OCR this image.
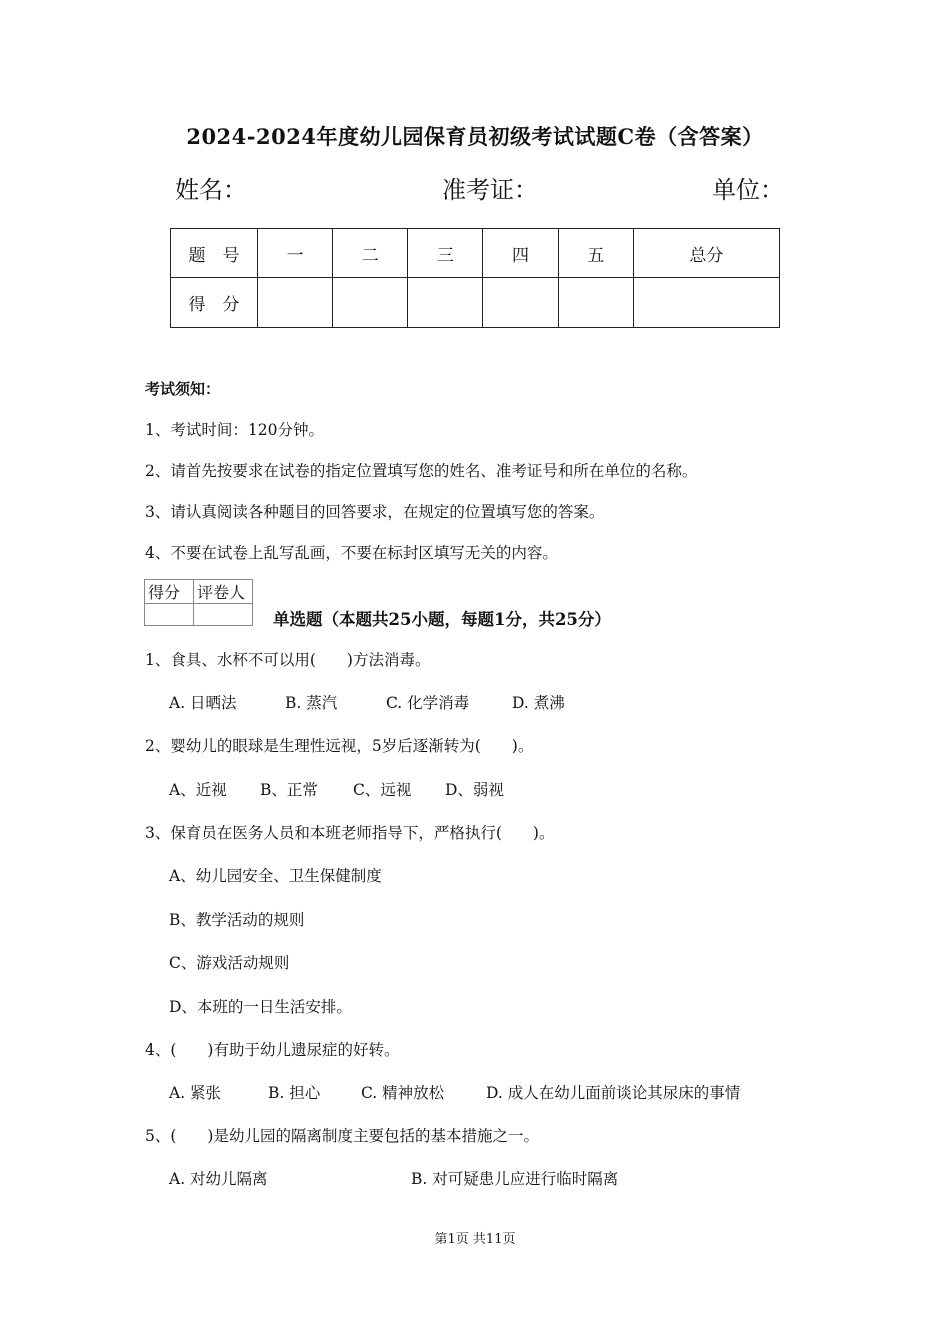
2024-2024年度幼儿园保育员初级考试试题C卷（含答案）
姓名：	准考证：	单位：
题　号	一	二	三	四	五	总分
得　分						
考试须知：
1、考试时间：120分钟。
2、请首先按要求在试卷的指定位置填写您的姓名、准考证号和所在单位的名称。
3、请认真阅读各种题目的回答要求，在规定的位置填写您的答案。
4、不要在试卷上乱写乱画，不要在标封区填写无关的内容。
得分	评卷人

单选题（本题共25小题，每题1分，共25分）
1、食具、水杯不可以用(　　)方法消毒。
A. 日晒法	B. 蒸汽	C. 化学消毒	D. 煮沸
2、婴幼儿的眼球是生理性远视，5岁后逐渐转为(　　)。
A、近视 B、正常 C、远视 D、弱视
3、保育员在医务人员和本班老师指导下，严格执行(　　)。
A、幼儿园安全、卫生保健制度
B、教学活动的规则
C、游戏活动规则
D、本班的一日生活安排。
4、(　　)有助于幼儿遗尿症的好转。
A. 紧张	B. 担心	C. 精神放松	D. 成人在幼儿面前谈论其尿床的事情
5、(　　)是幼儿园的隔离制度主要包括的基本措施之一。
A. 对幼儿隔离	B. 对可疑患儿应进行临时隔离
第1页 共11页
